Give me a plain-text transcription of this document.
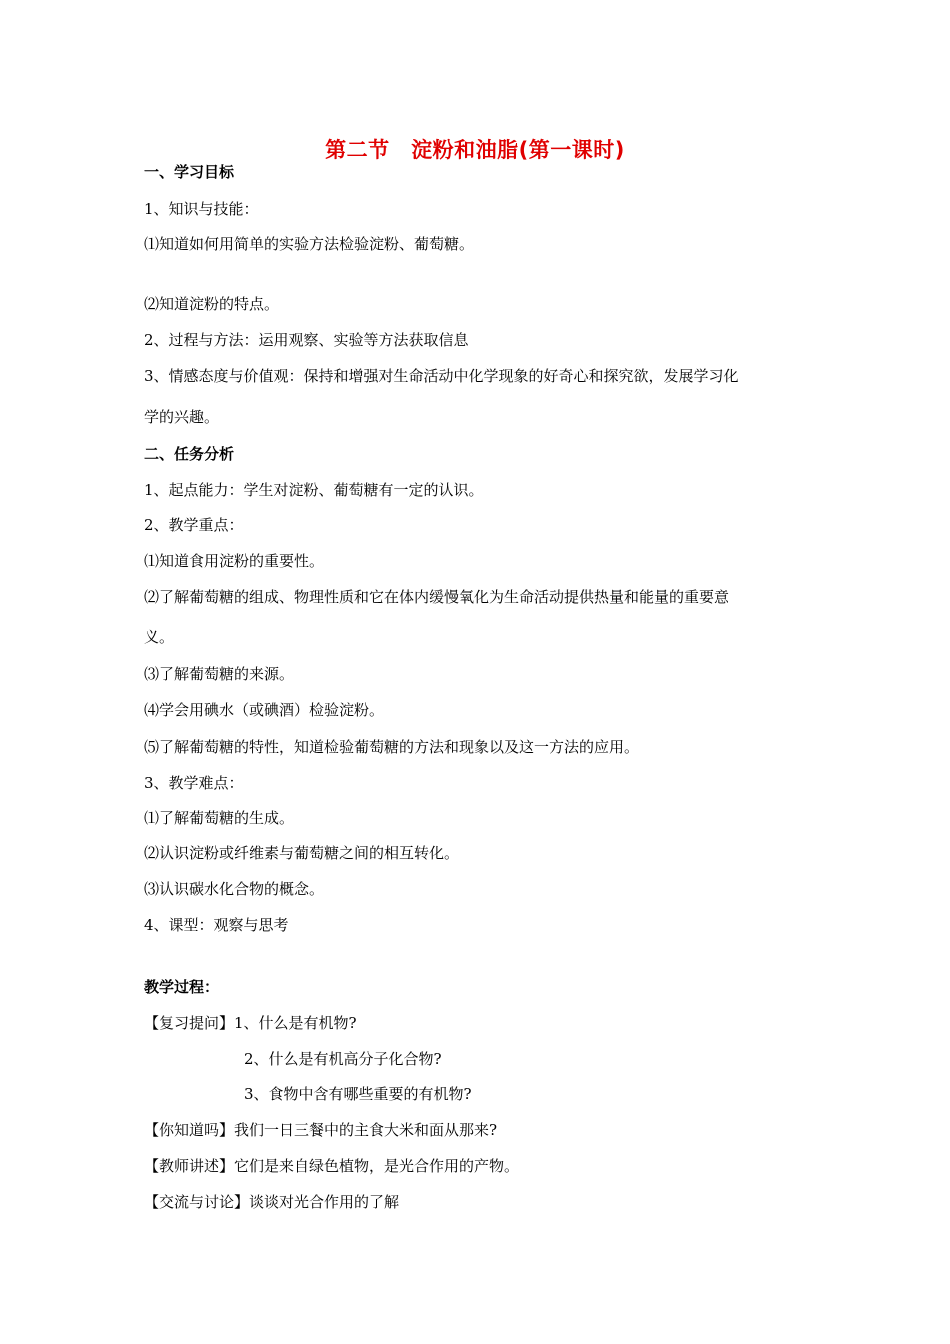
第二节　淀粉和油脂(第一课时)
一、学习目标
1、知识与技能：
⑴知道如何用简单的实验方法检验淀粉、葡萄糖。
⑵知道淀粉的特点。
2、过程与方法：运用观察、实验等方法获取信息
3、情感态度与价值观：保持和增强对生命活动中化学现象的好奇心和探究欲，发展学习化
学的兴趣。
二、任务分析
1、起点能力：学生对淀粉、葡萄糖有一定的认识。
2、教学重点：
⑴知道食用淀粉的重要性。
⑵了解葡萄糖的组成、物理性质和它在体内缓慢氧化为生命活动提供热量和能量的重要意
义。
⑶了解葡萄糖的来源。
⑷学会用碘水（或碘酒）检验淀粉。
⑸了解葡萄糖的特性，知道检验葡萄糖的方法和现象以及这一方法的应用。
3、教学难点：
⑴了解葡萄糖的生成。
⑵认识淀粉或纤维素与葡萄糖之间的相互转化。
⑶认识碳水化合物的概念。
4、课型：观察与思考
教学过程：
【复习提问】1、什么是有机物?
2、什么是有机高分子化合物?
3、食物中含有哪些重要的有机物?
【你知道吗】我们一日三餐中的主食大米和面从那来?
【教师讲述】它们是来自绿色植物，是光合作用的产物。
【交流与讨论】谈谈对光合作用的了解
